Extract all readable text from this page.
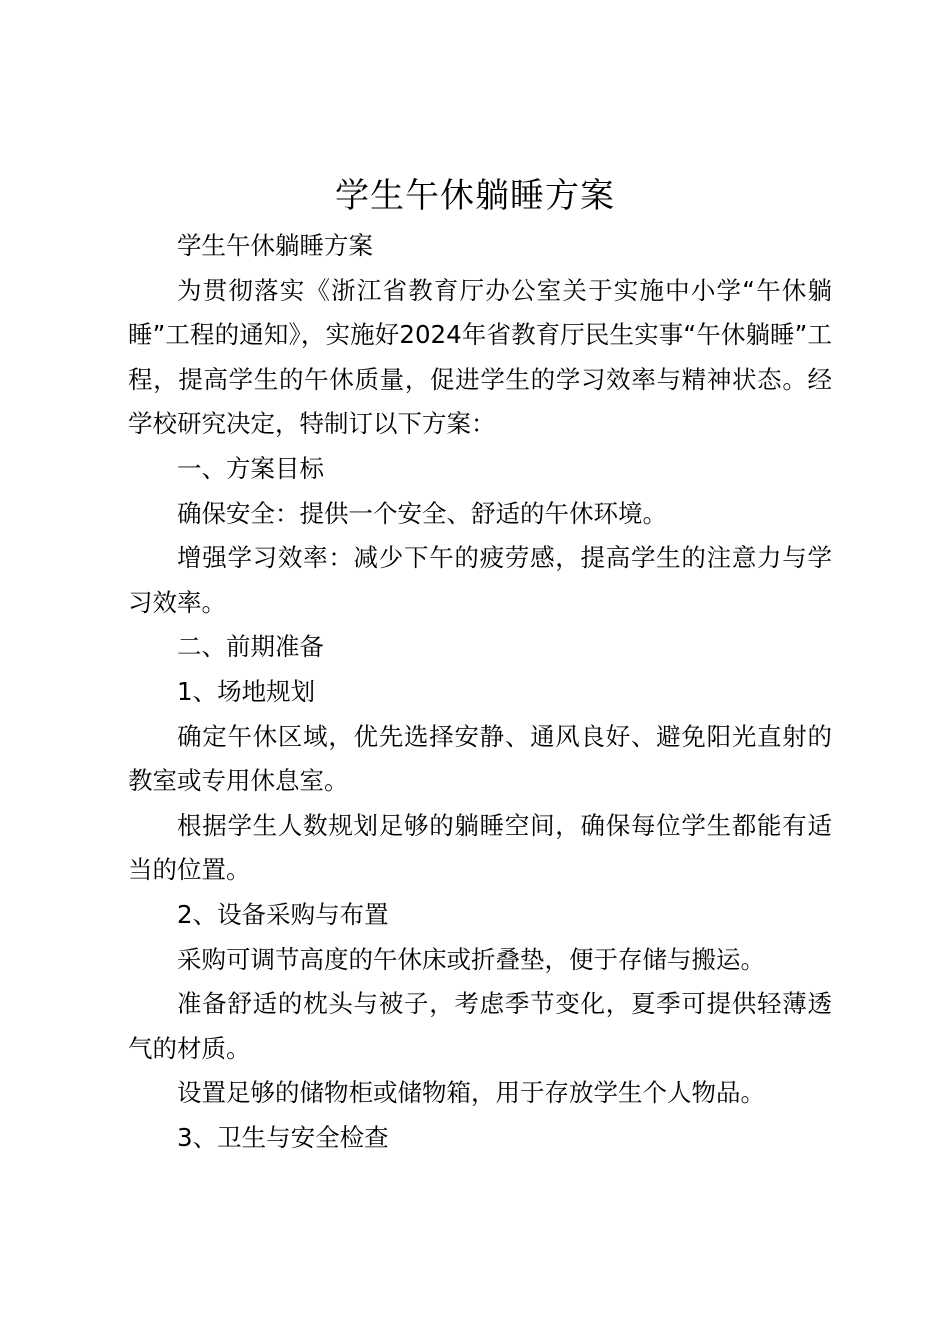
学生午休躺睡方案

学生午休躺睡方案

为贯彻落实《浙江省教育厅办公室关于实施中小学“午休躺睡”工程的通知》，实施好2024年省教育厅民生实事“午休躺睡”工程，提高学生的午休质量，促进学生的学习效率与精神状态。经学校研究决定，特制订以下方案：

一、方案目标

确保安全：提供一个安全、舒适的午休环境。

增强学习效率：减少下午的疲劳感，提高学生的注意力与学习效率。

二、前期准备

1、场地规划

确定午休区域，优先选择安静、通风良好、避免阳光直射的教室或专用休息室。

根据学生人数规划足够的躺睡空间，确保每位学生都能有适当的位置。

2、设备采购与布置

采购可调节高度的午休床或折叠垫，便于存储与搬运。

准备舒适的枕头与被子，考虑季节变化，夏季可提供轻薄透气的材质。

设置足够的储物柜或储物箱，用于存放学生个人物品。

3、卫生与安全检查
